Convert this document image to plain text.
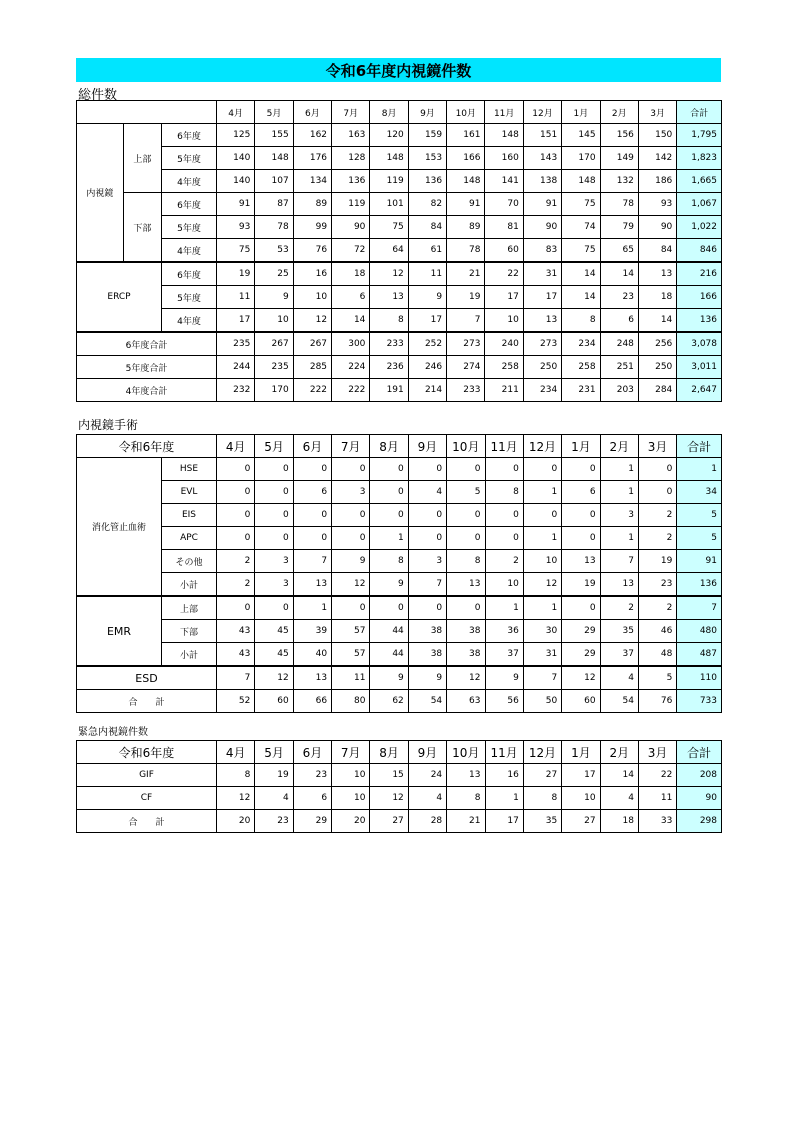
令和6年度内視鏡件数
総件数
			4月	5月	6月	7月	8月	9月	10月	11月	12月	1月	2月	3月	合計
内視鏡	上部	6年度	125	155	162	163	120	159	161	148	151	145	156	150	1,795
		5年度	140	148	176	128	148	153	166	160	143	170	149	142	1,823
		4年度	140	107	134	136	119	136	148	141	138	148	132	186	1,665
	下部	6年度	91	87	89	119	101	82	91	70	91	75	78	93	1,067
		5年度	93	78	99	90	75	84	89	81	90	74	79	90	1,022
		4年度	75	53	76	72	64	61	78	60	83	75	65	84	846
ERCP		6年度	19	25	16	18	12	11	21	22	31	14	14	13	216
		5年度	11	9	10	6	13	9	19	17	17	14	23	18	166
		4年度	17	10	12	14	8	17	7	10	13	8	6	14	136
6年度合計			235	267	267	300	233	252	273	240	273	234	248	256	3,078
5年度合計			244	235	285	224	236	246	274	258	250	258	251	250	3,011
4年度合計			232	170	222	222	191	214	233	211	234	231	203	284	2,647
内視鏡手術
令和6年度		4月	5月	6月	7月	8月	9月	10月	11月	12月	1月	2月	3月	合計
消化管止血術	HSE	0	0	0	0	0	0	0	0	0	0	1	0	1
	EVL	0	0	6	3	0	4	5	8	1	6	1	0	34
	EIS	0	0	0	0	0	0	0	0	0	0	3	2	5
	APC	0	0	0	0	1	0	0	0	1	0	1	2	5
	その他	2	3	7	9	8	3	8	2	10	13	7	19	91
	小計	2	3	13	12	9	7	13	10	12	19	13	23	136
EMR	上部	0	0	1	0	0	0	0	1	1	0	2	2	7
	下部	43	45	39	57	44	38	38	36	30	29	35	46	480
	小計	43	45	40	57	44	38	38	37	31	29	37	48	487
ESD		7	12	13	11	9	9	12	9	7	12	4	5	110
合　　計		52	60	66	80	62	54	63	56	50	60	54	76	733
緊急内視鏡件数
令和6年度	4月	5月	6月	7月	8月	9月	10月	11月	12月	1月	2月	3月	合計
GIF	8	19	23	10	15	24	13	16	27	17	14	22	208
CF	12	4	6	10	12	4	8	1	8	10	4	11	90
合　　計	20	23	29	20	27	28	21	17	35	27	18	33	298
